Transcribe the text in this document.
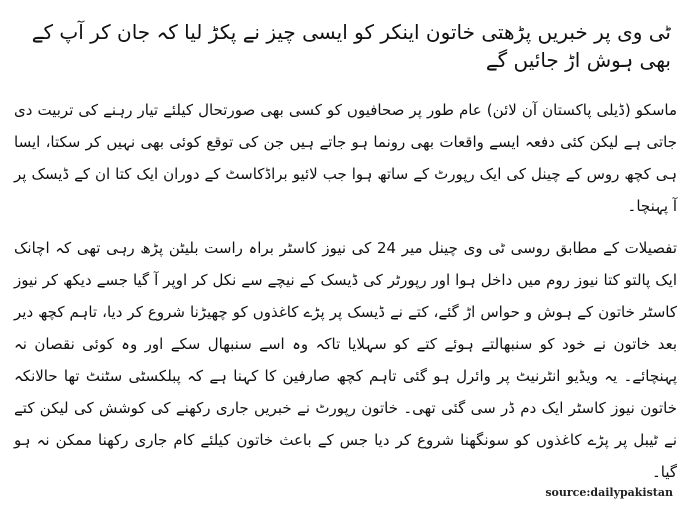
ٹی وی پر خبریں پڑھتی خاتون اینکر کو ایسی چیز نے پکڑ لیا کہ جان کر آپ کے بھی ہوش اڑ جائیں گے

ماسکو (ڈیلی پاکستان آن لائن) عام طور پر صحافیوں کو کسی بھی صورتحال کیلئے تیار رہنے کی تربیت دی جاتی ہے لیکن کئی دفعہ ایسے واقعات بھی رونما ہو جاتے ہیں جن کی توقع کوئی بھی نہیں کر سکتا، ایسا ہی کچھ روس کے چینل کی ایک رپورٹ کے ساتھ ہوا جب لائیو براڈکاسٹ کے دوران ایک کتا ان کے ڈیسک پر آ پہنچا۔

تفصیلات کے مطابق روسی ٹی وی چینل میر 24 کی نیوز کاسٹر براہ راست بلیٹن پڑھ رہی تھی کہ اچانک ایک پالتو کتا نیوز روم میں داخل ہوا اور رپورٹر کی ڈیسک کے نیچے سے نکل کر اوپر آ گیا جسے دیکھ کر نیوز کاسٹر خاتون کے ہوش و حواس اڑ گئے، کتے نے ڈیسک پر پڑے کاغذوں کو چھیڑنا شروع کر دیا، تاہم کچھ دیر بعد خاتون نے خود کو سنبھالتے ہوئے کتے کو سہلایا تاکہ وہ اسے سنبھال سکے اور وہ کوئی نقصان نہ پہنچائے۔ یہ ویڈیو انٹرنیٹ پر وائرل ہو گئی تاہم کچھ صارفین کا کہنا ہے کہ پبلکسٹی سٹنٹ تھا حالانکہ خاتون نیوز کاسٹر ایک دم ڈر سی گئی تھی۔ خاتون رپورٹ نے خبریں جاری رکھنے کی کوشش کی لیکن کتے نے ٹیبل پر پڑے کاغذوں کو سونگھنا شروع کر دیا جس کے باعث خاتون کیلئے کام جاری رکھنا ممکن نہ ہو گیا۔

source:dailypakistan
